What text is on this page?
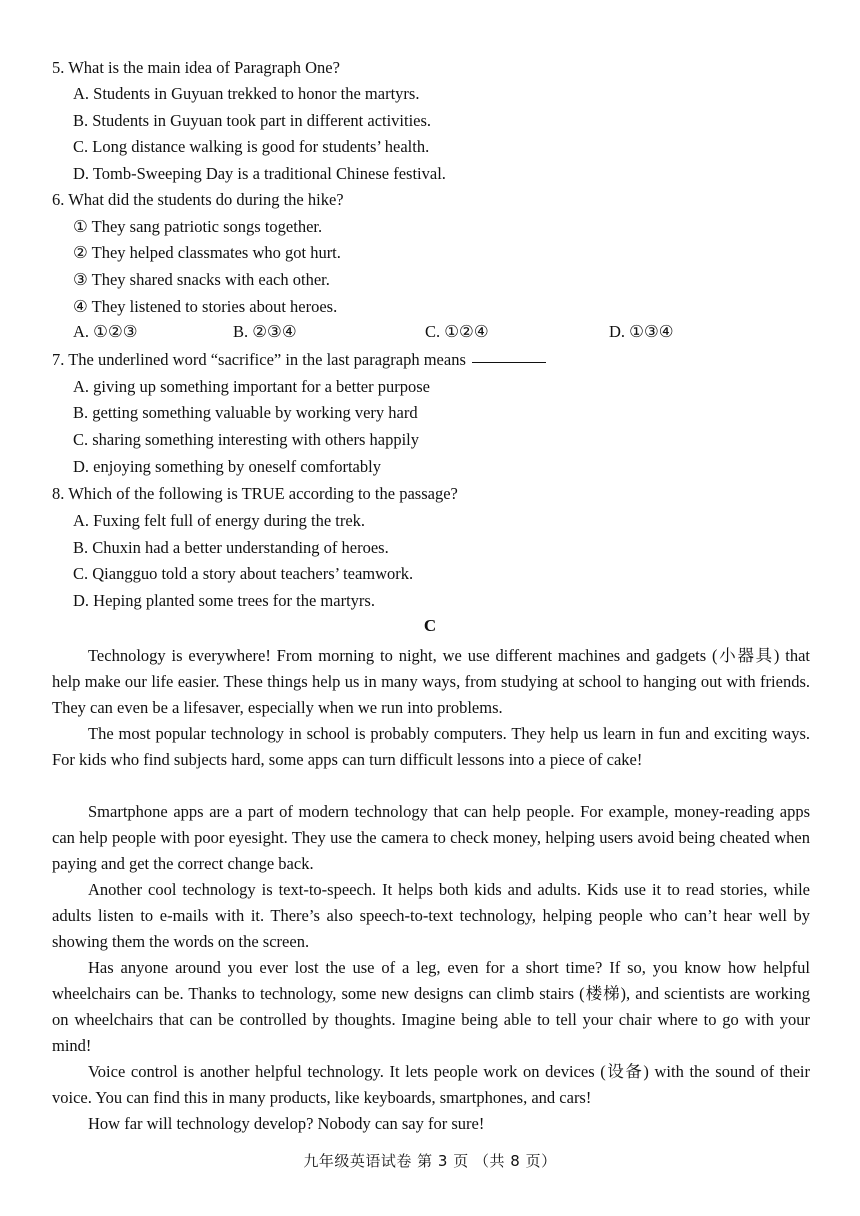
5. What is the main idea of Paragraph One?
A. Students in Guyuan trekked to honor the martyrs.
B. Students in Guyuan took part in different activities.
C. Long distance walking is good for students’ health.
D. Tomb-Sweeping Day is a traditional Chinese festival.
6. What did the students do during the hike?
① They sang patriotic songs together.
② They helped classmates who got hurt.
③ They shared snacks with each other.
④ They listened to stories about heroes.
A. ①②③	B. ②③④	C. ①②④	D. ①③④
7. The underlined word “sacrifice” in the last paragraph means
A. giving up something important for a better purpose
B. getting something valuable by working very hard
C. sharing something interesting with others happily
D. enjoying something by oneself comfortably
8. Which of the following is TRUE according to the passage?
A. Fuxing felt full of energy during the trek.
B. Chuxin had a better understanding of heroes.
C. Qiangguo told a story about teachers’ teamwork.
D. Heping planted some trees for the martyrs.
C
Technology is everywhere! From morning to night, we use different machines and gadgets (小器具) that help make our life easier. These things help us in many ways, from studying at school to hanging out with friends. They can even be a lifesaver, especially when we run into problems.
The most popular technology in school is probably computers. They help us learn in fun and exciting ways. For kids who find subjects hard, some apps can turn difficult lessons into a piece of cake!
Smartphone apps are a part of modern technology that can help people. For example, money-reading apps can help people with poor eyesight. They use the camera to check money, helping users avoid being cheated when paying and get the correct change back.
Another cool technology is text-to-speech. It helps both kids and adults. Kids use it to read stories, while adults listen to e-mails with it. There’s also speech-to-text technology, helping people who can’t hear well by showing them the words on the screen.
Has anyone around you ever lost the use of a leg, even for a short time? If so, you know how helpful wheelchairs can be. Thanks to technology, some new designs can climb stairs (楼梯), and scientists are working on wheelchairs that can be controlled by thoughts. Imagine being able to tell your chair where to go with your mind!
Voice control is another helpful technology. It lets people work on devices (设备) with the sound of their voice. You can find this in many products, like keyboards, smartphones, and cars!
How far will technology develop? Nobody can say for sure!
九年级英语试卷 第 3 页 （共 8 页）
